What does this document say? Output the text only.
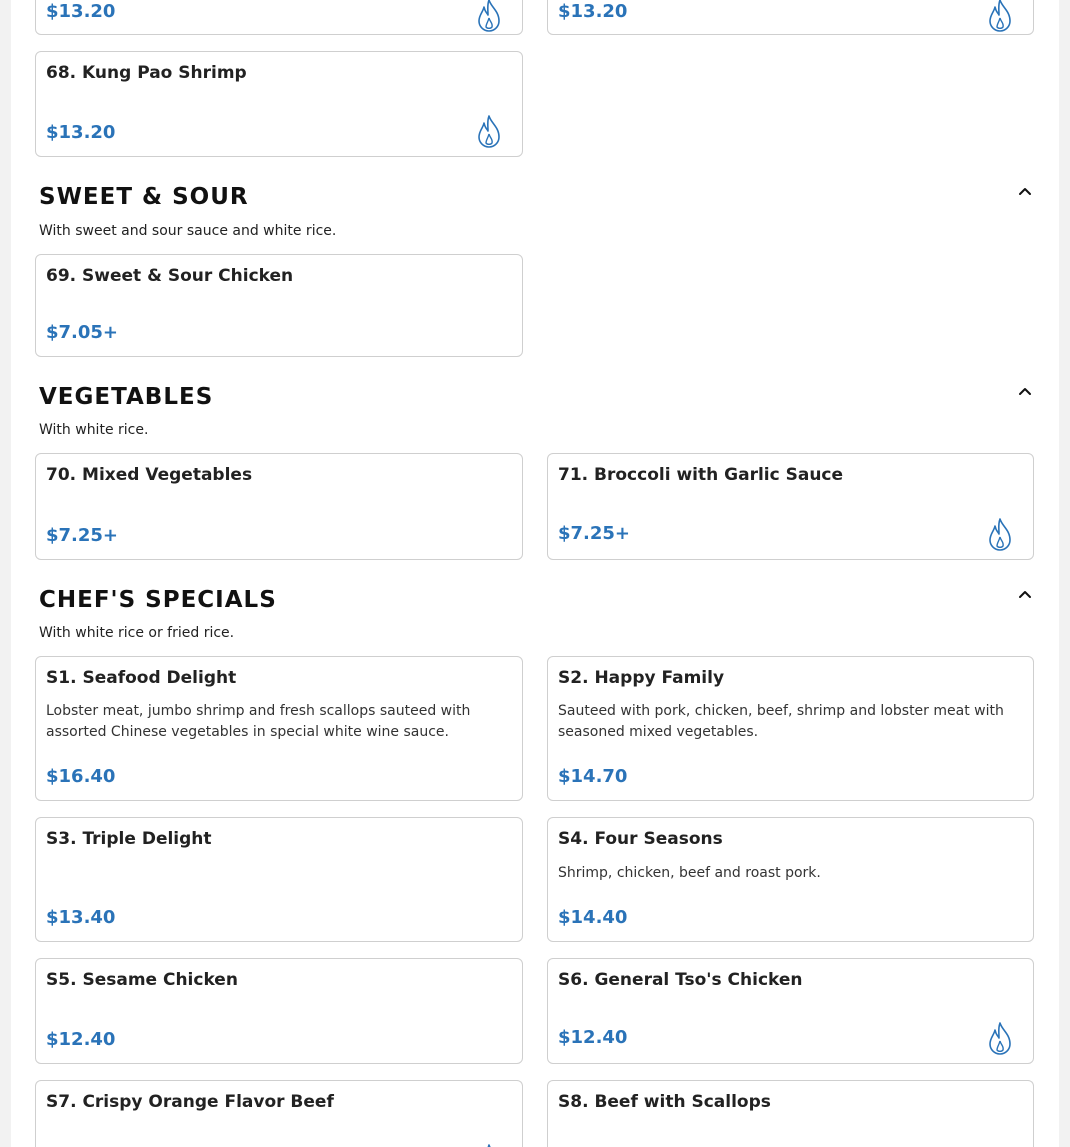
$13.20	$13.20
68. Kung Pao Shrimp
$13.20
SWEET & SOUR
With sweet and sour sauce and white rice.
69. Sweet & Sour Chicken
$7.05+
VEGETABLES
With white rice.
70. Mixed Vegetables
$7.25+
71. Broccoli with Garlic Sauce
$7.25+
CHEF'S SPECIALS
With white rice or fried rice.
S1. Seafood Delight
Lobster meat, jumbo shrimp and fresh scallops sauteed with assorted Chinese vegetables in special white wine sauce.
$16.40
S2. Happy Family
Sauteed with pork, chicken, beef, shrimp and lobster meat with seasoned mixed vegetables.
$14.70
S3. Triple Delight
$13.40
S4. Four Seasons
Shrimp, chicken, beef and roast pork.
$14.40
S5. Sesame Chicken
$12.40
S6. General Tso's Chicken
$12.40
S7. Crispy Orange Flavor Beef	S8. Beef with Scallops
